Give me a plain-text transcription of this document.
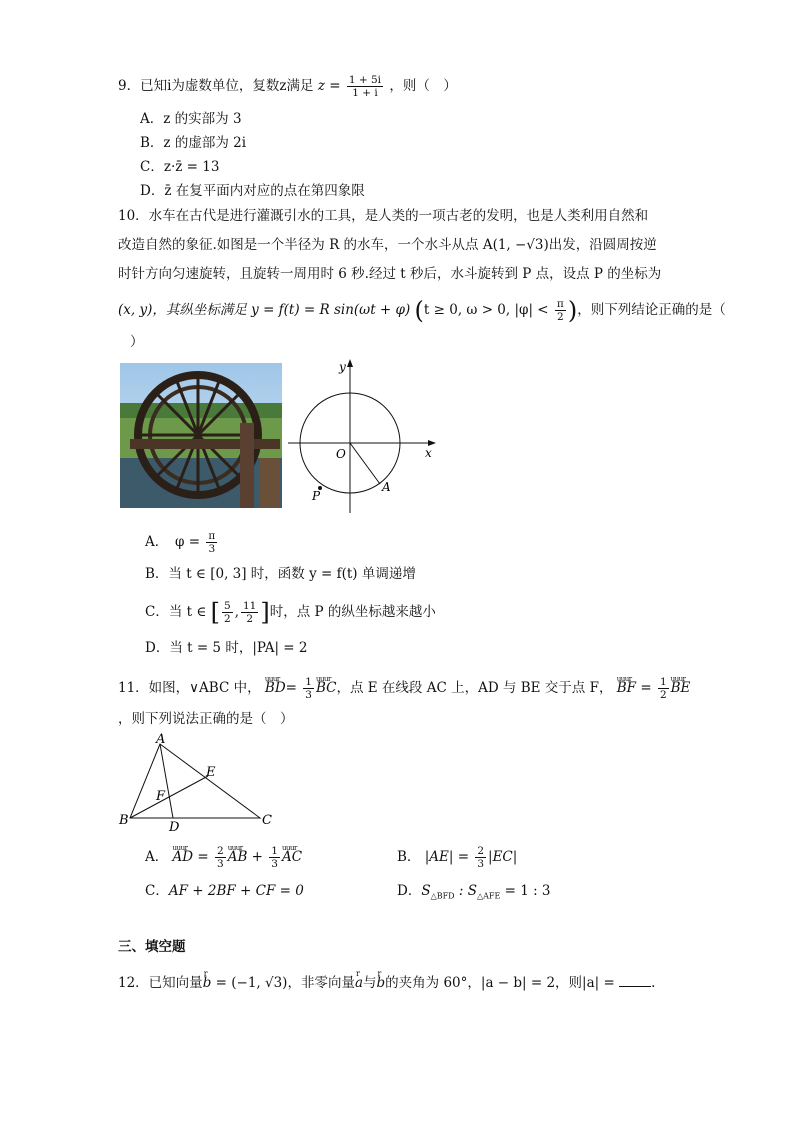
9．已知i为虚数单位，复数z满足 $z = \frac{1 + 5i}{1 + i}$ ，则（　）
A．z 的实部为 3
B．z 的虚部为 2i
C．z·z̄ = 13
D．z̄ 在复平面内对应的点在第四象限
10．水车在古代是进行灌溉引水的工具，是人类的一项古老的发明，也是人类利用自然和
改造自然的象征.如图是一个半径为 R 的水车，一个水斗从点 A(1, −√3)出发，沿圆周按逆
时针方向匀速旋转，且旋转一周用时 6 秒.经过 t 秒后，水斗旋转到 P 点，设点 P 的坐标为
(x, y)，其纵坐标满足 y = f(t) = R sin(ωt + φ) (t ≥ 0, ω > 0, $|\varphi| < \frac{\pi}{2}$ )，则下列结论正确的是（
）
y
x
O
A
P
A．　$\varphi = \frac{\pi}{3}$
B．当 t ∈ [0, 3] 时，函数 y = f(t) 单调递增
C．当 t ∈ [ $\frac{5}{2}$ , $\frac{11}{2}$ ]时，点 P 的纵坐标越来越小
D．当 t = 5 时，|PA| = 2
11．如图，∨ABC 中， uuur $BD= \frac{1}{3}$ uuur BC，点 E 在线段 AC 上，AD 与 BE 交于点 F， uuur BF = $\frac{1}{2}$ uuur BE
，则下列说法正确的是（　）
A
B	C
D
E
F
A． uuur AD = $\frac{2}{3}$ uuur AB + $\frac{1}{3}$ uuur AC	B． $|AE| = \frac{2}{3} |EC|$
C．AF + 2BF + CF = 0	D．$S_{\triangle BFD}$ : $S_{\triangle AFE} = 1$ : 3
三、填空题
12．已知向量r b = (−1, √3)，非零向量r a与r b的夹角为 60°，|a − b| = 2，则|a| =	.
